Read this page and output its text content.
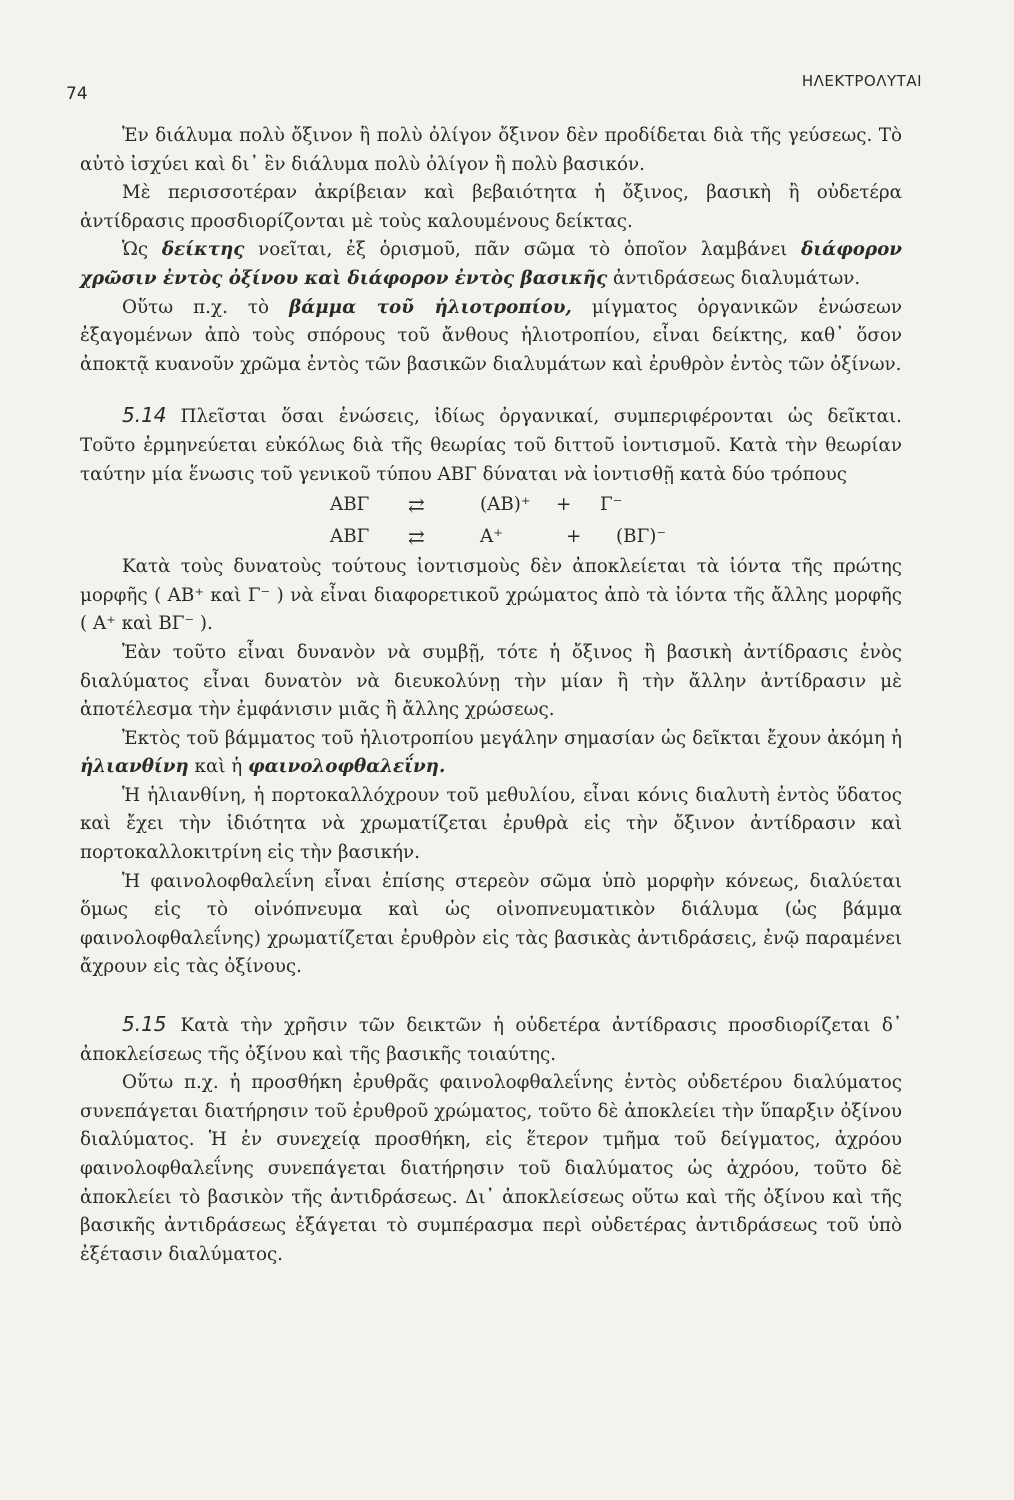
74
ΗΛΕΚΤΡΟΛΥΤΑΙ

Ἐν διάλυμα πολὺ ὄξινον ἢ πολὺ ὀλίγον ὄξινον δὲν προδίδεται διὰ τῆς γεύσεως. Τὸ αὐτὸ ἰσχύει καὶ δι᾽ ἓν διάλυμα πολὺ ὀλίγον ἢ πολὺ βασικόν.

Μὲ περισσοτέραν ἀκρίβειαν καὶ βεβαιότητα ἡ ὄξινος, βασικὴ ἢ οὐδετέρα ἀντίδρασις προσδιορίζονται μὲ τοὺς καλουμένους δείκτας.

Ὡς δείκτης νοεῖται, ἐξ ὁρισμοῦ, πᾶν σῶμα τὸ ὁποῖον λαμβάνει διάφορον χρῶσιν ἐντὸς ὀξίνου καὶ διάφορον ἐντὸς βασικῆς ἀντιδράσεως διαλυμάτων.

Οὕτω π.χ. τὸ βάμμα τοῦ ἡλιοτροπίου, μίγματος ὀργανικῶν ἑνώσεων ἐξαγομένων ἀπὸ τοὺς σπόρους τοῦ ἄνθους ἡλιοτροπίου, εἶναι δείκτης, καθ᾽ ὅσον ἀποκτᾷ κυανοῦν χρῶμα ἐντὸς τῶν βασικῶν διαλυμάτων καὶ ἐρυθρὸν ἐντὸς τῶν ὀξίνων.

5.14 Πλεῖσται ὅσαι ἑνώσεις, ἰδίως ὀργανικαί, συμπεριφέρονται ὡς δεῖκται. Τοῦτο ἑρμηνεύεται εὐκόλως διὰ τῆς θεωρίας τοῦ διττοῦ ἰοντισμοῦ. Κατὰ τὴν θεωρίαν ταύτην μία ἕνωσις τοῦ γενικοῦ τύπου ΑΒΓ δύναται νὰ ἰοντισθῇ κατὰ δύο τρόπους

ΑΒΓ ⇄	(ΑΒ)⁺ + Γ⁻
ΑΒΓ ⇄	Α⁺	+ (ΒΓ)⁻

Κατὰ τοὺς δυνατοὺς τούτους ἰοντισμοὺς δὲν ἀποκλείεται τὰ ἰόντα τῆς πρώτης μορφῆς ( ΑΒ⁺ καὶ Γ⁻ ) νὰ εἶναι διαφορετικοῦ χρώματος ἀπὸ τὰ ἰόντα τῆς ἄλλης μορφῆς ( Α⁺ καὶ ΒΓ⁻ ).

Ἐὰν τοῦτο εἶναι δυνανὸν νὰ συμβῇ, τότε ἡ ὄξινος ἢ βασικὴ ἀντίδρασις ἑνὸς διαλύματος εἶναι δυνατὸν νὰ διευκολύνῃ τὴν μίαν ἢ τὴν ἄλλην ἀντίδρασιν μὲ ἀποτέλεσμα τὴν ἐμφάνισιν μιᾶς ἢ ἄλλης χρώσεως.

Ἐκτὸς τοῦ βάμματος τοῦ ἡλιοτροπίου μεγάλην σημασίαν ὡς δεῖκται ἔχουν ἀκόμη ἡ ἡλιανθίνη καὶ ἡ φαινολοφθαλεΐνη.

Ἡ ἡλιανθίνη, ἡ πορτοκαλλόχρουν τοῦ μεθυλίου, εἶναι κόνις διαλυτὴ ἐντὸς ὕδατος καὶ ἔχει τὴν ἰδιότητα νὰ χρωματίζεται ἐρυθρὰ εἰς τὴν ὄξινον ἀντίδρασιν καὶ πορτοκαλλοκιτρίνη εἰς τὴν βασικήν.

Ἡ φαινολοφθαλεΐνη εἶναι ἐπίσης στερεὸν σῶμα ὑπὸ μορφὴν κόνεως, διαλύεται ὅμως εἰς τὸ οἰνόπνευμα καὶ ὡς οἰνοπνευματικὸν διάλυμα (ὡς βάμμα φαινολοφθαλεΐνης) χρωματίζεται ἐρυθρὸν εἰς τὰς βασικὰς ἀντιδράσεις, ἐνῷ παραμένει ἄχρουν εἰς τὰς ὀξίνους.

5.15 Κατὰ τὴν χρῆσιν τῶν δεικτῶν ἡ οὐδετέρα ἀντίδρασις προσδιορίζεται δ᾽ ἀποκλείσεως τῆς ὀξίνου καὶ τῆς βασικῆς τοιαύτης.

Οὕτω π.χ. ἡ προσθήκη ἐρυθρᾶς φαινολοφθαλεΐνης ἐντὸς οὐδετέρου διαλύματος συνεπάγεται διατήρησιν τοῦ ἐρυθροῦ χρώματος, τοῦτο δὲ ἀποκλείει τὴν ὕπαρξιν ὀξίνου διαλύματος. Ἡ ἐν συνεχείᾳ προσθήκη, εἰς ἕτερον τμῆμα τοῦ δείγματος, ἀχρόου φαινολοφθαλεΐνης συνεπάγεται διατήρησιν τοῦ διαλύματος ὡς ἀχρόου, τοῦτο δὲ ἀποκλείει τὸ βασικὸν τῆς ἀντιδράσεως. Δι᾽ ἀποκλείσεως οὕτω καὶ τῆς ὀξίνου καὶ τῆς βασικῆς ἀντιδράσεως ἐξάγεται τὸ συμπέρασμα περὶ οὐδετέρας ἀντιδράσεως τοῦ ὑπὸ ἐξέτασιν διαλύματος.
